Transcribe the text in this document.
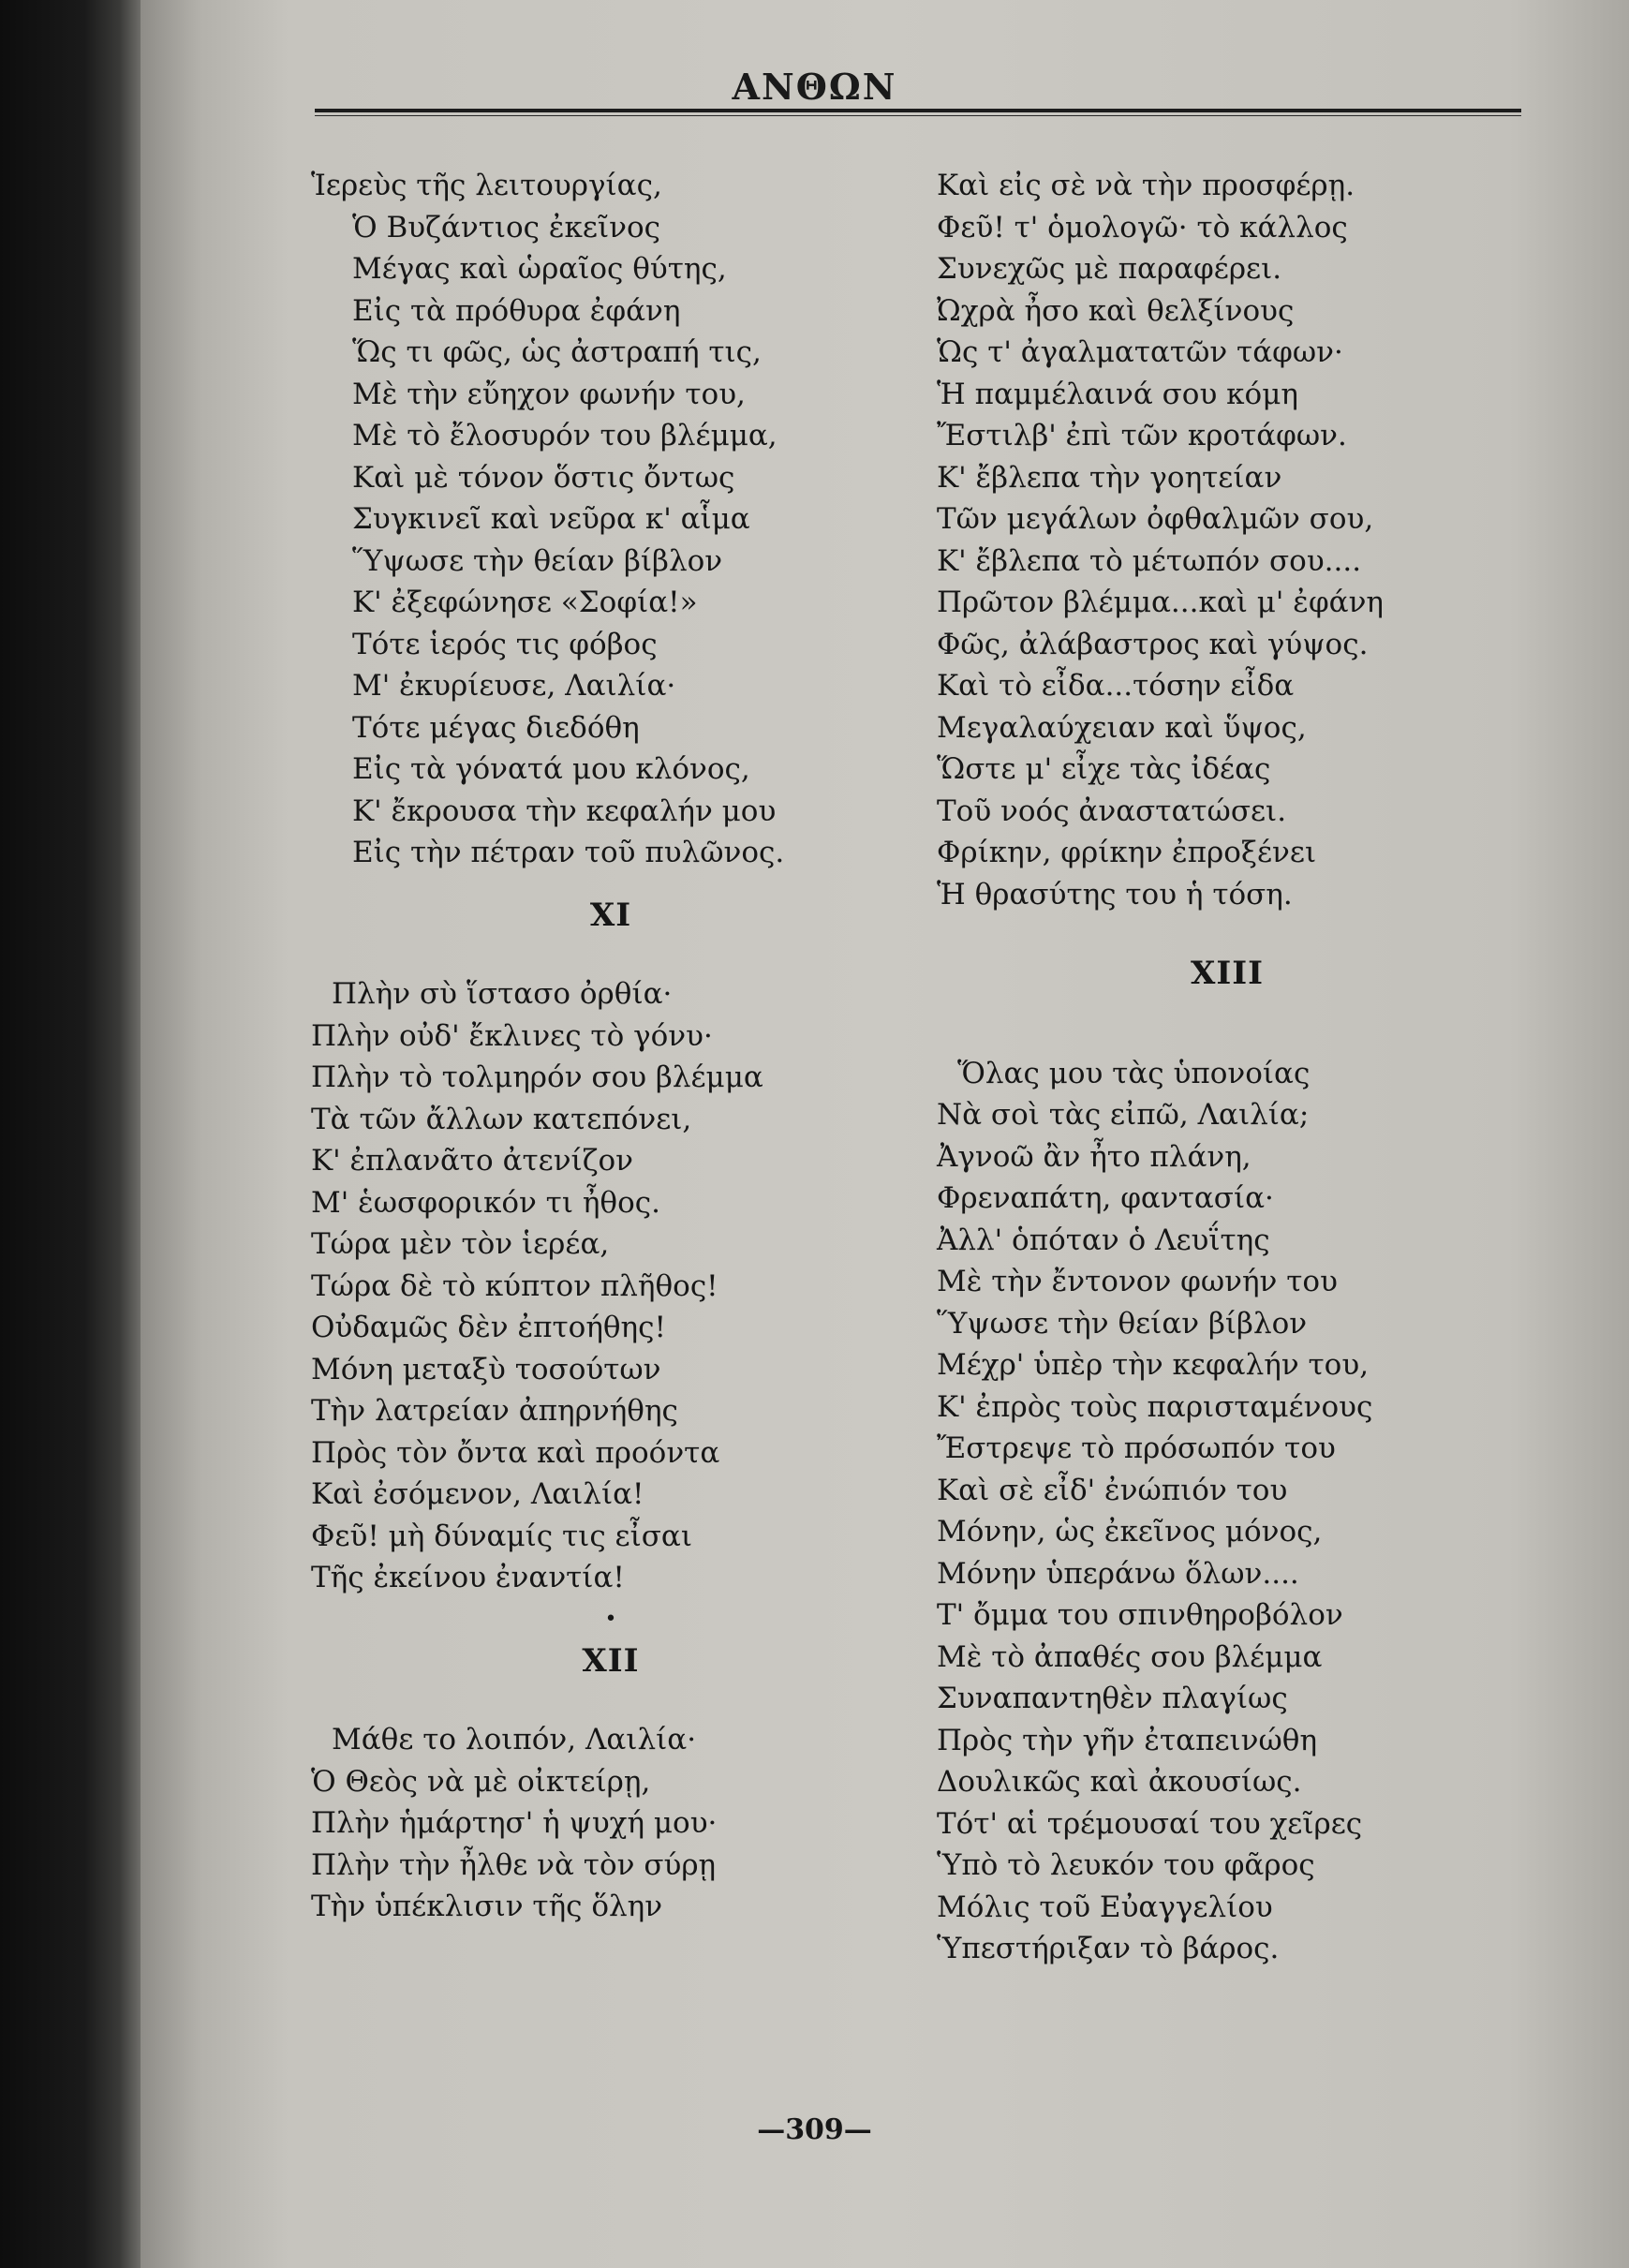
ΑΝΘΩΝ
Ἱερεὺς τῆς λειτουργίας,
Ὁ Βυζάντιος ἐκεῖνος
Μέγας καὶ ὡραῖος θύτης,
Εἰς τὰ πρόθυρα ἐφάνη
Ὥς τι φῶς, ὡς ἀστραπή τις,
Μὲ τὴν εὔηχον φωνήν του,
Μὲ τὸ ἔλοσυρόν του βλέμμα,
Καὶ μὲ τόνον ὅστις ὄντως
Συγκινεῖ καὶ νεῦρα κ' αἷμα
Ὕψωσε τὴν θείαν βίβλον
Κ' ἐξεφώνησε «Σοφία!»
Τότε ἱερός τις φόβος
Μ' ἐκυρίευσε, Λαιλία·
Τότε μέγας διεδόθη
Εἰς τὰ γόνατά μου κλόνος,
Κ' ἔκρουσα τὴν κεφαλήν μου
Εἰς τὴν πέτραν τοῦ πυλῶνος.
XI
Πλὴν σὺ ἵστασο ὀρθία·
Πλὴν οὐδ' ἔκλινες τὸ γόνυ·
Πλὴν τὸ τολμηρόν σου βλέμμα
Τὰ τῶν ἄλλων κατεπόνει,
Κ' ἐπλανᾶτο ἀτενίζον
Μ' ἑωσφορικόν τι ἦθος.
Τώρα μὲν τὸν ἱερέα,
Τώρα δὲ τὸ κύπτον πλῆθος!
Οὐδαμῶς δὲν ἐπτοήθης!
Μόνη μεταξὺ τοσούτων
Τὴν λατρείαν ἀπηρνήθης
Πρὸς τὸν ὄντα καὶ προόντα
Καὶ ἐσόμενον, Λαιλία!
Φεῦ! μὴ δύναμίς τις εἶσαι
Τῆς ἐκείνου ἐναντία!
•
XII
Μάθε το λοιπόν, Λαιλία·
Ὁ Θεὸς νὰ μὲ οἰκτείρῃ,
Πλὴν ἡμάρτησ' ἡ ψυχή μου·
Πλὴν τὴν ἦλθε νὰ τὸν σύρῃ
Τὴν ὑπέκλισιν τῆς ὅλην
Καὶ εἰς σὲ νὰ τὴν προσφέρῃ.
Φεῦ! τ' ὁμολογῶ· τὸ κάλλος
Συνεχῶς μὲ παραφέρει.
Ὠχρὰ ἦσο καὶ θελξίνους
Ὡς τ' ἀγαλματατῶν τάφων·
Ἡ παμμέλαινά σου κόμη
Ἔστιλβ' ἐπὶ τῶν κροτάφων.
Κ' ἔβλεπα τὴν γοητείαν
Τῶν μεγάλων ὀφθαλμῶν σου,
Κ' ἔβλεπα τὸ μέτωπόν σου....
Πρῶτον βλέμμα...καὶ μ' ἐφάνη
Φῶς, ἀλάβαστρος καὶ γύψος.
Καὶ τὸ εἶδα...τόσην εἶδα
Μεγαλαύχειαν καὶ ὕψος,
Ὥστε μ' εἶχε τὰς ἰδέας
Τοῦ νοός ἀναστατώσει.
Φρίκην, φρίκην ἐπροξένει
Ἡ θρασύτης του ἡ τόση.
XIII
Ὅλας μου τὰς ὑπονοίας
Νὰ σοὶ τὰς εἰπῶ, Λαιλία;
Ἀγνοῶ ἂν ἦτο πλάνη,
Φρεναπάτη, φαντασία·
Ἀλλ' ὁπόταν ὁ Λευΐτης
Μὲ τὴν ἔντονον φωνήν του
Ὕψωσε τὴν θείαν βίβλον
Μέχρ' ὑπὲρ τὴν κεφαλήν του,
Κ' ἐπρὸς τοὺς παρισταμένους
Ἔστρεψε τὸ πρόσωπόν του
Καὶ σὲ εἶδ' ἐνώπιόν του
Μόνην, ὡς ἐκεῖνος μόνος,
Μόνην ὑπεράνω ὅλων....
Τ' ὄμμα του σπινθηροβόλον
Μὲ τὸ ἀπαθές σου βλέμμα
Συναπαντηθὲν πλαγίως
Πρὸς τὴν γῆν ἐταπεινώθη
Δουλικῶς καὶ ἀκουσίως.
Τότ' αἱ τρέμουσαί του χεῖρες
Ὑπὸ τὸ λευκόν του φᾶρος
Μόλις τοῦ Εὐαγγελίου
Ὑπεστήριξαν τὸ βάρος.
—309—
